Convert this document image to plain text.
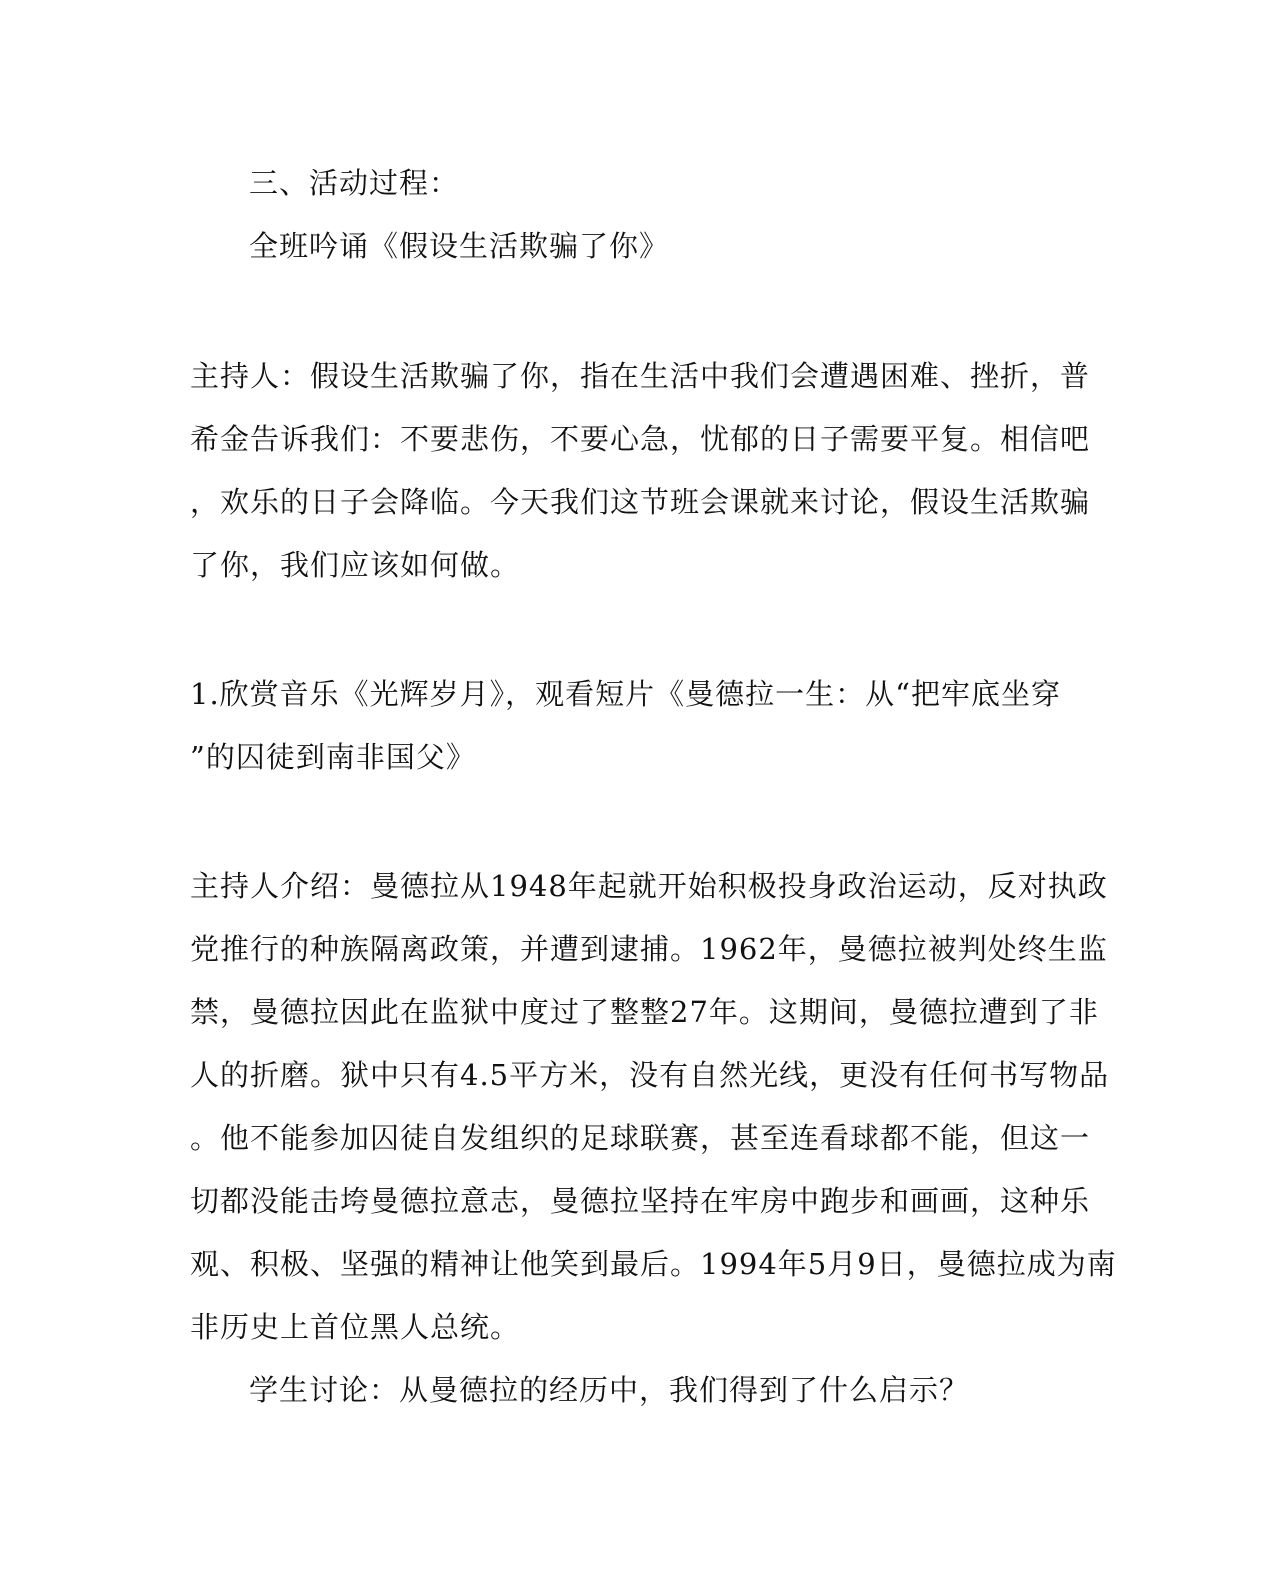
三、活动过程：
全班吟诵《假设生活欺骗了你》
主持人：假设生活欺骗了你，指在生活中我们会遭遇困难、挫折，普
希金告诉我们：不要悲伤，不要心急，忧郁的日子需要平复。相信吧
，欢乐的日子会降临。今天我们这节班会课就来讨论，假设生活欺骗
了你，我们应该如何做。
1.欣赏音乐《光辉岁月》，观看短片《曼德拉一生：从“把牢底坐穿
”的囚徒到南非国父》
主持人介绍：曼德拉从1948年起就开始积极投身政治运动，反对执政
党推行的种族隔离政策，并遭到逮捕。1962年，曼德拉被判处终生监
禁，曼德拉因此在监狱中度过了整整27年。这期间，曼德拉遭到了非
人的折磨。狱中只有4.5平方米，没有自然光线，更没有任何书写物品
。他不能参加囚徒自发组织的足球联赛，甚至连看球都不能，但这一
切都没能击垮曼德拉意志，曼德拉坚持在牢房中跑步和画画，这种乐
观、积极、坚强的精神让他笑到最后。1994年5月9日，曼德拉成为南
非历史上首位黑人总统。
学生讨论：从曼德拉的经历中，我们得到了什么启示？
